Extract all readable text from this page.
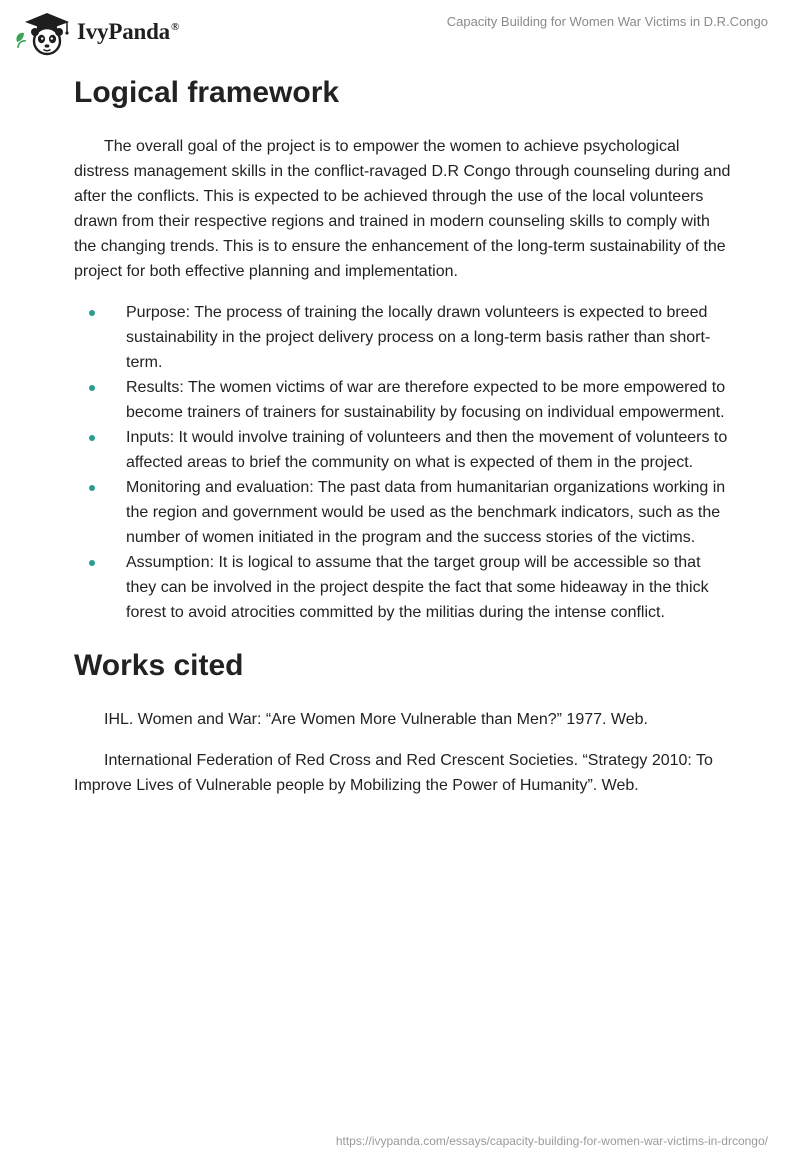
IvyPanda®	Capacity Building for Women War Victims in D.R.Congo
Logical framework

The overall goal of the project is to empower the women to achieve psychological distress management skills in the conflict-ravaged D.R Congo through counseling during and after the conflicts. This is expected to be achieved through the use of the local volunteers drawn from their respective regions and trained in modern counseling skills to comply with the changing trends. This is to ensure the enhancement of the long-term sustainability of the project for both effective planning and implementation.

Purpose: The process of training the locally drawn volunteers is expected to breed sustainability in the project delivery process on a long-term basis rather than short-term.
Results: The women victims of war are therefore expected to be more empowered to become trainers of trainers for sustainability by focusing on individual empowerment.
Inputs: It would involve training of volunteers and then the movement of volunteers to affected areas to brief the community on what is expected of them in the project.
Monitoring and evaluation: The past data from humanitarian organizations working in the region and government would be used as the benchmark indicators, such as the number of women initiated in the program and the success stories of the victims.
Assumption: It is logical to assume that the target group will be accessible so that they can be involved in the project despite the fact that some hideaway in the thick forest to avoid atrocities committed by the militias during the intense conflict.
Works cited

IHL. Women and War: “Are Women More Vulnerable than Men?” 1977. Web.

International Federation of Red Cross and Red Crescent Societies. “Strategy 2010: To Improve Lives of Vulnerable people by Mobilizing the Power of Humanity”. Web.

https://ivypanda.com/essays/capacity-building-for-women-war-victims-in-drcongo/
